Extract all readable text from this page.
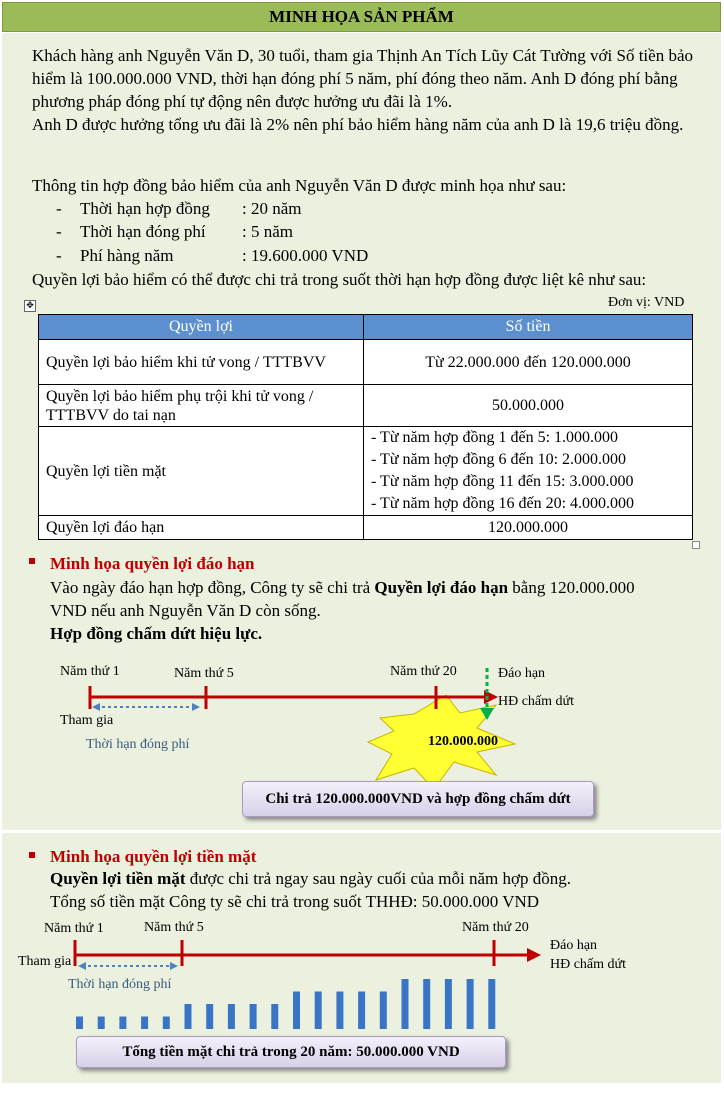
MINH HỌA SẢN PHẨM

Khách hàng anh Nguyễn Văn D, 30 tuổi, tham gia Thịnh An Tích Lũy Cát Tường với Số tiền bảo hiểm là 100.000.000 VND, thời hạn đóng phí 5 năm, phí đóng theo năm. Anh D đóng phí bằng phương pháp đóng phí tự động nên được hưởng ưu đãi là 1%.

Anh D được hưởng tổng ưu đãi là 2% nên phí bảo hiểm hàng năm của anh D là 19,6 triệu đồng.

Thông tin hợp đồng bảo hiểm của anh Nguyễn Văn D được minh họa như sau:
- Thời hạn hợp đồng : 20 năm
- Thời hạn đóng phí : 5 năm
- Phí hàng năm	: 19.600.000 VND
Quyền lợi bảo hiểm có thể được chi trả trong suốt thời hạn hợp đồng được liệt kê như sau:
✥	Đơn vị: VND
Quyền lợi	Số tiền
Quyền lợi bảo hiểm khi tử vong / TTTBVV	Từ 22.000.000 đến 120.000.000
Quyền lợi bảo hiểm phụ trội khi tử vong / TTTBVV do tai nạn	50.000.000
Quyền lợi tiền mặt	- Từ năm hợp đồng 1 đến 5: 1.000.000
- Từ năm hợp đồng 6 đến 10: 2.000.000
- Từ năm hợp đồng 11 đến 15: 3.000.000
- Từ năm hợp đồng 16 đến 20: 4.000.000

Quyền lợi đáo hạn	120.000.000
Minh họa quyền lợi đáo hạn
Vào ngày đáo hạn hợp đồng, Công ty sẽ chi trả Quyền lợi đáo hạn bằng 120.000.000
VND nếu anh Nguyễn Văn D còn sống.
Hợp đồng chấm dứt hiệu lực.
Năm thứ 1	Năm thứ 5	Năm thứ 20	Đáo hạn
HĐ chấm dứt
Tham gia
Thời hạn đóng phí	120.000.000
Chi trả 120.000.000VND và hợp đồng chấm dứt
Minh họa quyền lợi tiền mặt
Quyền lợi tiền mặt được chi trả ngay sau ngày cuối của mỗi năm hợp đồng.
Tổng số tiền mặt Công ty sẽ chi trả trong suốt THHĐ: 50.000.000 VND
Năm thứ 1	Năm thứ 5	Năm thứ 20
Đáo hạn
HĐ chấm dứt
Tham gia
Thời hạn đóng phí
Tổng tiền mặt chi trả trong 20 năm: 50.000.000 VND
